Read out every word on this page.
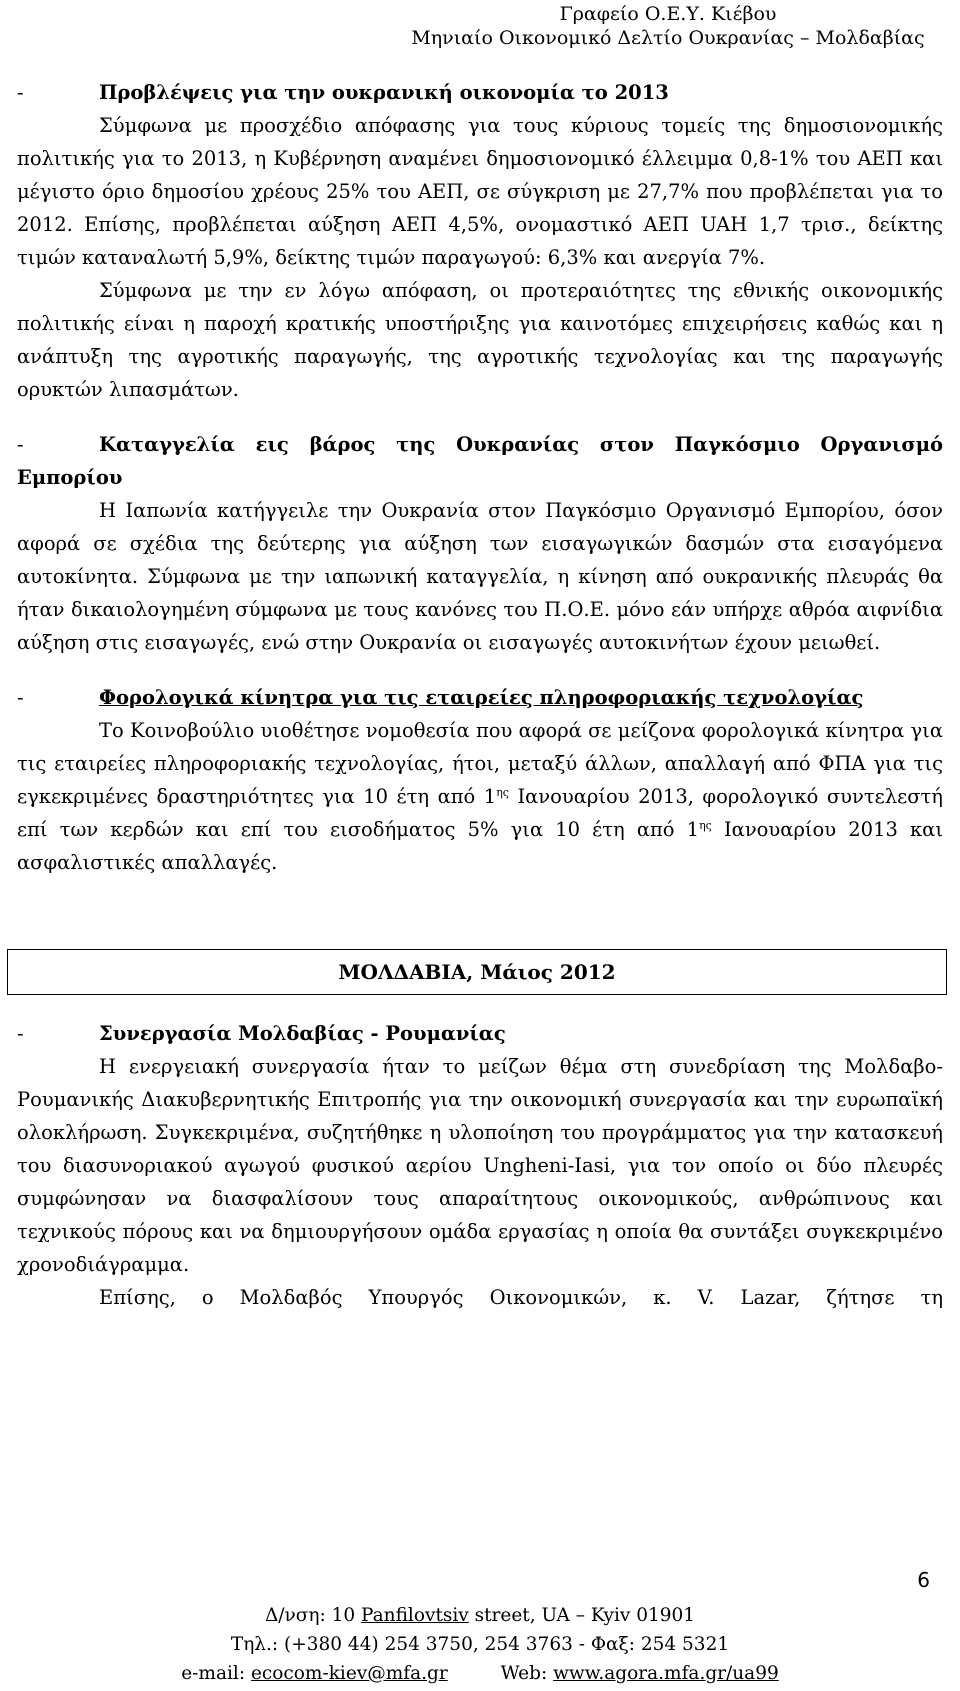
Γραφείο Ο.Ε.Υ. Κιέβου
Μηνιαίο Οικονομικό Δελτίο Ουκρανίας – Μολδαβίας

-	Προβλέψεις για την ουκρανική οικονομία το 2013

Σύμφωνα με προσχέδιο απόφασης για τους κύριους τομείς της δημοσιονομικής πολιτικής για το 2013, η Κυβέρνηση αναμένει δημοσιονομικό έλλειμμα 0,8-1% του ΑΕΠ και μέγιστο όριο δημοσίου χρέους 25% του ΑΕΠ, σε σύγκριση με 27,7% που προβλέπεται για το 2012. Επίσης, προβλέπεται αύξηση ΑΕΠ 4,5%, ονομαστικό ΑΕΠ UAH 1,7 τρισ., δείκτης τιμών καταναλωτή 5,9%, δείκτης τιμών παραγωγού: 6,3% και ανεργία 7%.

Σύμφωνα με την εν λόγω απόφαση, οι προτεραιότητες της εθνικής οικονομικής πολιτικής είναι η παροχή κρατικής υποστήριξης για καινοτόμες επιχειρήσεις καθώς και η ανάπτυξη της αγροτικής παραγωγής, της αγροτικής τεχνολογίας και της παραγωγής ορυκτών λιπασμάτων.

-	Καταγγελία εις βάρος της Ουκρανίας στον Παγκόσμιο Οργανισμό Εμπορίου

Η Ιαπωνία κατήγγειλε την Ουκρανία στον Παγκόσμιο Οργανισμό Εμπορίου, όσον αφορά σε σχέδια της δεύτερης για αύξηση των εισαγωγικών δασμών στα εισαγόμενα αυτοκίνητα. Σύμφωνα με την ιαπωνική καταγγελία, η κίνηση από ουκρανικής πλευράς θα ήταν δικαιολογημένη σύμφωνα με τους κανόνες του Π.Ο.Ε. μόνο εάν υπήρχε αθρόα αιφνίδια αύξηση στις εισαγωγές, ενώ στην Ουκρανία οι εισαγωγές αυτοκινήτων έχουν μειωθεί.

-	Φορολογικά κίνητρα για τις εταιρείες πληροφοριακής τεχνολογίας

Το Κοινοβούλιο υιοθέτησε νομοθεσία που αφορά σε μείζονα φορολογικά κίνητρα για τις εταιρείες πληροφοριακής τεχνολογίας, ήτοι, μεταξύ άλλων, απαλλαγή από ΦΠΑ για τις εγκεκριμένες δραστηριότητες για 10 έτη από $1^{\eta\varsigma}$ Ιανουαρίου 2013, φορολογικό συντελεστή επί των κερδών και επί του εισοδήματος 5% για 10 έτη από $1^{\eta\varsigma}$ Ιανουαρίου 2013 και ασφαλιστικές απαλλαγές.

ΜΟΛΔΑΒΙΑ, Μάιος 2012

-	Συνεργασία Μολδαβίας - Ρουμανίας

Η ενεργειακή συνεργασία ήταν το μείζων θέμα στη συνεδρίαση της Μολδαβο-Ρουμανικής Διακυβερνητικής Επιτροπής για την οικονομική συνεργασία και την ευρωπαϊκή ολοκλήρωση. Συγκεκριμένα, συζητήθηκε η υλοποίηση του προγράμματος για την κατασκευή του διασυνοριακού αγωγού φυσικού αερίου Ungheni-Iasi, για τον οποίο οι δύο πλευρές συμφώνησαν να διασφαλίσουν τους απαραίτητους οικονομικούς, ανθρώπινους και τεχνικούς πόρους και να δημιουργήσουν ομάδα εργασίας η οποία θα συντάξει συγκεκριμένο χρονοδιάγραμμα.

Επίσης, ο Μολδαβός Υπουργός Οικονομικών, κ. V. Lazar, ζήτησε τη

6
Δ/νση: 10 Panfilovtsiv street, UA – Kyiv 01901
Τηλ.: (+380 44) 254 3750, 254 3763 - Φαξ: 254 5321
e-mail: ecocom-kiev@mfa.gr	Web: www.agora.mfa.gr/ua99
